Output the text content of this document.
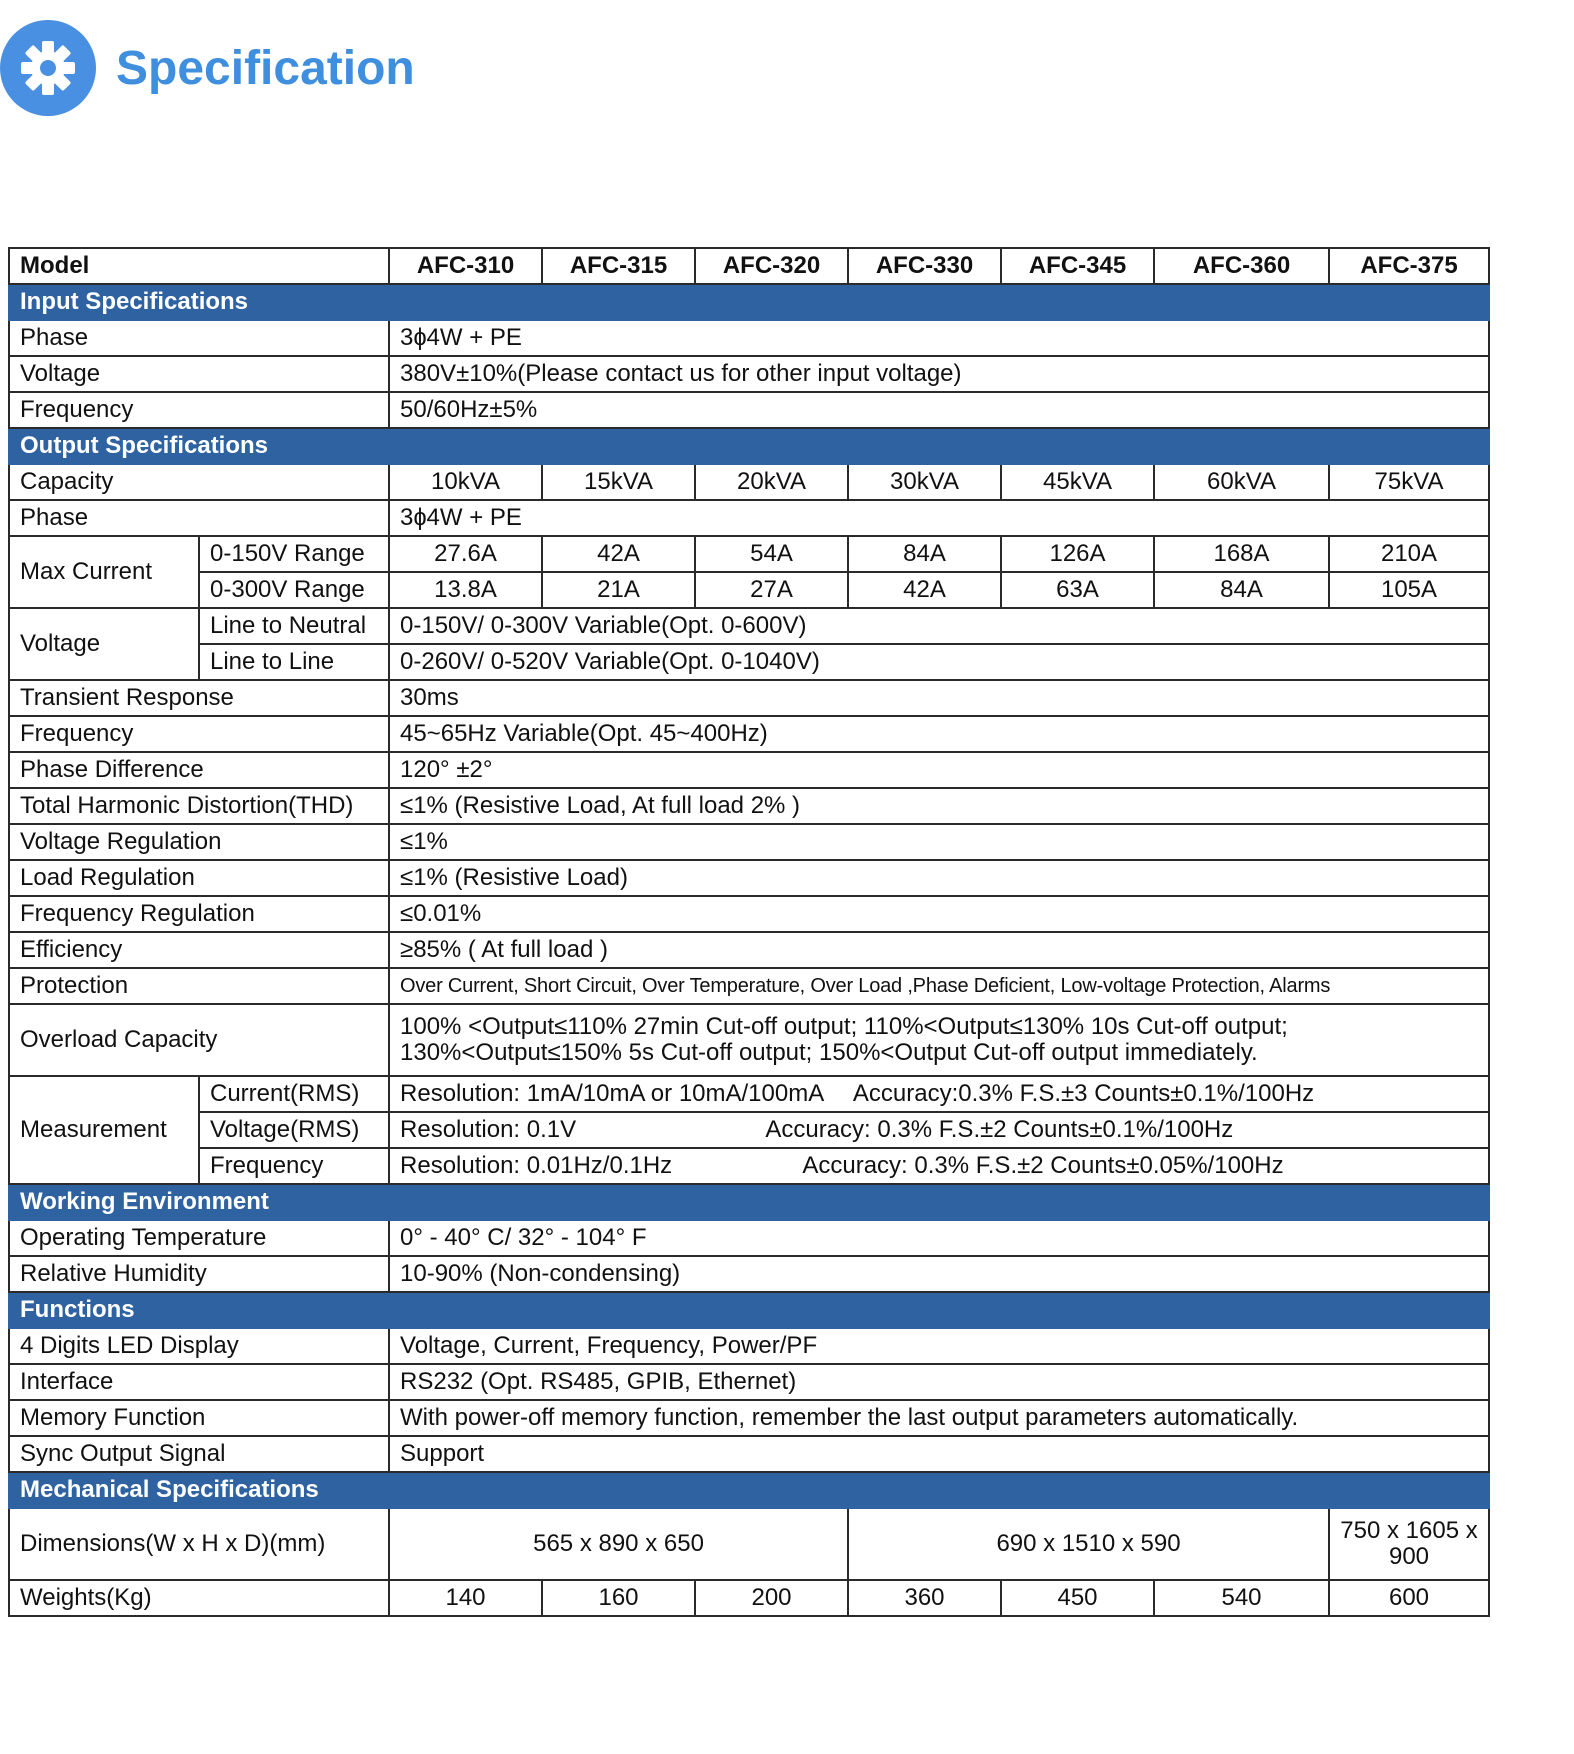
Specification
Model		AFC-310	AFC-315	AFC-320	AFC-330	AFC-345	AFC-360	AFC-375
Input Specifications								
Phase		3ɸ4W + PE						
Voltage		380V±10%(Please contact us for other input voltage)						
Frequency		50/60Hz±5%						
Output Specifications								
Capacity		10kVA	15kVA	20kVA	30kVA	45kVA	60kVA	75kVA
Phase		3ɸ4W + PE						
Max Current	0-150V Range	27.6A	42A	54A	84A	126A	168A	210A
	0-300V Range	13.8A	21A	27A	42A	63A	84A	105A
Voltage	Line to Neutral	0-150V/ 0-300V Variable(Opt. 0-600V)						
	Line to Line	0-260V/ 0-520V Variable(Opt. 0-1040V)						
Transient Response		30ms						
Frequency		45~65Hz Variable(Opt. 45~400Hz)						
Phase Difference		120° ±2°						
Total Harmonic Distortion(THD)		≤1% (Resistive Load, At full load 2% )						
Voltage Regulation		≤1%						
Load Regulation		≤1% (Resistive Load)						
Frequency Regulation		≤0.01%						
Efficiency		≥85% ( At full load )						
Protection		Over Current, Short Circuit, Over Temperature, Over Load ,Phase Deficient, Low-voltage Protection, Alarms						
Overload Capacity		100% <Output≤110% 27min Cut-off output; 110%<Output≤130% 10s Cut-off output;
130%<Output≤150% 5s Cut-off output; 150%<Output Cut-off output immediately.						

Measurement	Current(RMS)	Resolution: 1mA/10mA or 10mA/100mA Accuracy:0.3% F.S.±3 Counts±0.1%/100Hz						
	Voltage(RMS)	Resolution: 0.1V Accuracy: 0.3% F.S.±2 Counts±0.1%/100Hz						
	Frequency	Resolution: 0.01Hz/0.1Hz Accuracy: 0.3% F.S.±2 Counts±0.05%/100Hz						
Working Environment								
Operating Temperature		0° - 40° C/ 32° - 104° F						
Relative Humidity		10-90% (Non-condensing)						
Functions								
4 Digits LED Display		Voltage, Current, Frequency, Power/PF						
Interface		RS232 (Opt. RS485, GPIB, Ethernet)						
Memory Function		With power-off memory function, remember the last output parameters automatically.						
Sync Output Signal		Support						
Mechanical Specifications								
Dimensions(W x H x D)(mm)		565 x 890 x 650			690 x 1510 x 590			750 x 1605 x 900
Weights(Kg)		140	160	200	360	450	540	600
